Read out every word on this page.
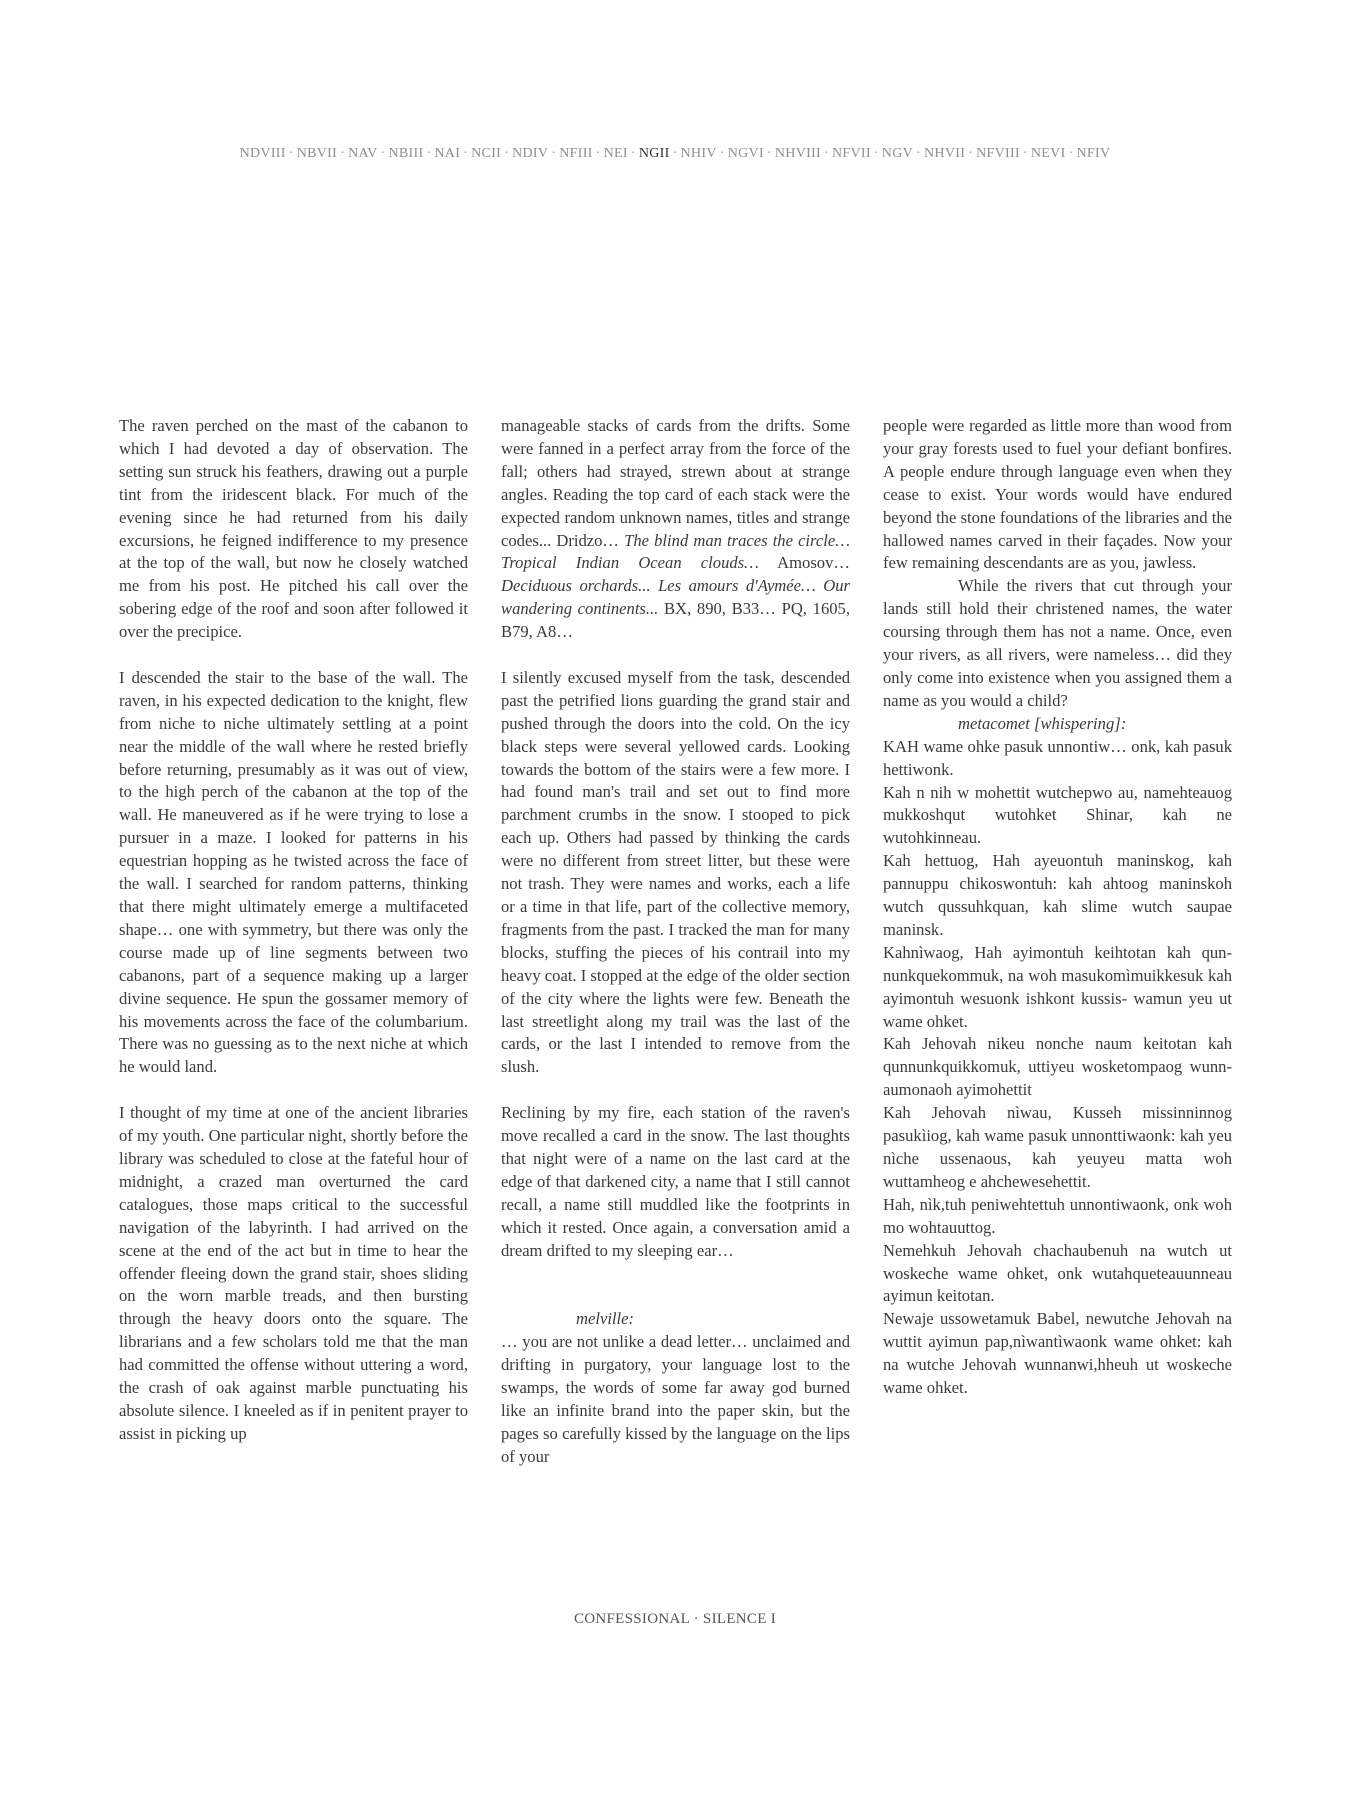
NDVIII · NBVII · NAV · NBIII · NAI · NCII · NDIV · NFIII · NEI · NGII · NHIV · NGVI · NHVIII · NFVII · NGV · NHVII · NFVIII · NEVI · NFIV

The raven perched on the mast of the cabanon to which I had devoted a day of observation. The setting sun struck his feathers, drawing out a purple tint from the iridescent black. For much of the evening since he had returned from his daily excursions, he feigned indifference to my presence at the top of the wall, but now he closely watched me from his post. He pitched his call over the sobering edge of the roof and soon after followed it over the precipice.

I descended the stair to the base of the wall. The raven, in his expected dedication to the knight, flew from niche to niche ultimately settling at a point near the middle of the wall where he rested briefly before returning, presumably as it was out of view, to the high perch of the cabanon at the top of the wall. He maneuvered as if he were trying to lose a pursuer in a maze. I looked for patterns in his equestrian hopping as he twisted across the face of the wall. I searched for random patterns, thinking that there might ultimately emerge a multifaceted shape… one with symmetry, but there was only the course made up of line segments between two cabanons, part of a sequence making up a larger divine sequence. He spun the gossamer memory of his movements across the face of the columbarium. There was no guessing as to the next niche at which he would land.

I thought of my time at one of the ancient libraries of my youth. One particular night, shortly before the library was scheduled to close at the fateful hour of midnight, a crazed man overturned the card catalogues, those maps critical to the successful navigation of the labyrinth. I had arrived on the scene at the end of the act but in time to hear the offender fleeing down the grand stair, shoes sliding on the worn marble treads, and then bursting through the heavy doors onto the square. The librarians and a few scholars told me that the man had committed the offense without uttering a word, the crash of oak against marble punctuating his absolute silence. I kneeled as if in penitent prayer to assist in picking up

manageable stacks of cards from the drifts. Some were fanned in a perfect array from the force of the fall; others had strayed, strewn about at strange angles. Reading the top card of each stack were the expected random unknown names, titles and strange codes... Dridzo… The blind man traces the circle… Tropical Indian Ocean clouds… Amosov… Deciduous orchards... Les amours d'Aymée… Our wandering continents... BX, 890, B33… PQ, 1605, B79, A8…

I silently excused myself from the task, descended past the petrified lions guarding the grand stair and pushed through the doors into the cold. On the icy black steps were several yellowed cards. Looking towards the bottom of the stairs were a few more. I had found man's trail and set out to find more parchment crumbs in the snow. I stooped to pick each up. Others had passed by thinking the cards were no different from street litter, but these were not trash. They were names and works, each a life or a time in that life, part of the collective memory, fragments from the past. I tracked the man for many blocks, stuffing the pieces of his contrail into my heavy coat. I stopped at the edge of the older section of the city where the lights were few. Beneath the last streetlight along my trail was the last of the cards, or the last I intended to remove from the slush.

Reclining by my fire, each station of the raven's move recalled a card in the snow. The last thoughts that night were of a name on the last card at the edge of that darkened city, a name that I still cannot recall, a name still muddled like the footprints in which it rested. Once again, a conversation amid a dream drifted to my sleeping ear…

melville:

… you are not unlike a dead letter… unclaimed and drifting in purgatory, your language lost to the swamps, the words of some far away god burned like an infinite brand into the paper skin, but the pages so carefully kissed by the language on the lips of your

people were regarded as little more than wood from your gray forests used to fuel your defiant bonfires. A people endure through language even when they cease to exist. Your words would have endured beyond the stone foundations of the libraries and the hallowed names carved in their façades. Now your few remaining descendants are as you, jawless.

While the rivers that cut through your lands still hold their christened names, the water coursing through them has not a name. Once, even your rivers, as all rivers, were nameless… did they only come into existence when you assigned them a name as you would a child?

metacomet [whispering]:

KAH wame ohke pasuk unnontiw… onk, kah pasuk hettiwonk.

Kah n nih w mohettit wutchepwo au, namehteauog mukkoshqut wutohket Shinar, kah ne wutohkinneau.

Kah hettuog, Hah ayeuontuh maninskog, kah pannuppu chikoswontuh: kah ahtoog maninskoh wutch qussuhkquan, kah slime wutch saupae maninsk.

Kahnìwaog, Hah ayimontuh keihtotan kah qun-nunkquekommuk, na woh masukomìmuikkesuk kah ayimontuh wesuonk ishkont kussis- wamun yeu ut wame ohket.

Kah Jehovah nikeu nonche naum keitotan kah qunnunkquikkomuk, uttiyeu wosketompaog wunn-aumonaoh ayimohettit

Kah Jehovah nìwau, Kusseh missinninnog pasukìiog, kah wame pasuk unnonttiwaonk: kah yeu nìche ussenaous, kah yeuyeu matta woh wuttamheog e ahchewesehettit.

Hah, nìk,tuh peniwehtettuh unnontiwaonk, onk woh mo wohtauuttog.

Nemehkuh Jehovah chachaubenuh na wutch ut woskeche wame ohket, onk wutahqueteauunneau ayimun keitotan.

Newaje ussowetamuk Babel, newutche Jehovah na wuttit ayimun pap,nìwantìwaonk wame ohket: kah na wutche Jehovah wunnanwi,hheuh ut woskeche wame ohket.

CONFESSIONAL · SILENCE I
